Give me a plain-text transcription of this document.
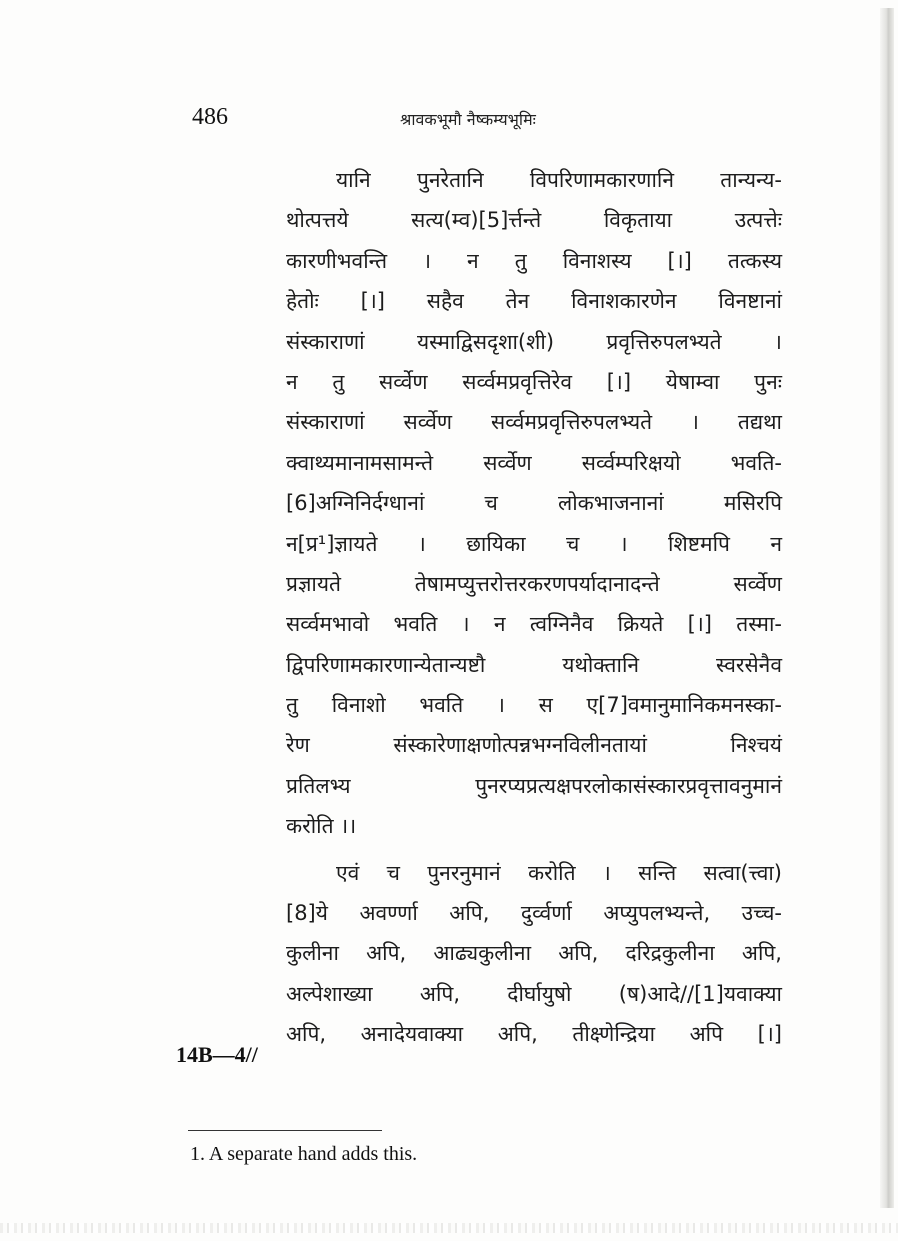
486	श्रावकभूमौ नैष्कम्यभूमिः
यानि पुनरेतानि विपरिणामकारणानि तान्यन्य-
थोत्पत्तये सत्य(म्व)[5]र्त्तन्ते विकृताया उत्पत्तेः
कारणीभवन्ति । न तु विनाशस्य [।] तत्कस्य
हेतोः [।] सहैव तेन विनाशकारणेन विनष्टानां
संस्काराणां यस्माद्विसदृशा(शी) प्रवृत्तिरुपलभ्यते ।
न तु सर्व्वेण सर्व्वमप्रवृत्तिरेव [।] येषाम्वा पुनः
संस्काराणां सर्व्वेण सर्व्वमप्रवृत्तिरुपलभ्यते । तद्यथा
क्वाथ्यमानामसामन्ते सर्व्वेण सर्व्वम्परिक्षयो भवति-
[6]अग्निनिर्दग्धानां च लोकभाजनानां मसिरपि
न[प्र¹]ज्ञायते । छायिका च । शिष्टमपि न
प्रज्ञायते तेषामप्युत्तरोत्तरकरणपर्यादानादन्ते सर्व्वेण
सर्व्वमभावो भवति । न त्वग्निनैव क्रियते [।] तस्मा-
द्विपरिणामकारणान्येतान्यष्टौ यथोक्तानि स्वरसेनैव
तु विनाशो भवति । स ए[7]वमानुमानिकमनस्का-
रेण संस्कारेणाक्षणोत्पन्नभग्नविलीनतायां निश्चयं
प्रतिलभ्य पुनरप्यप्रत्यक्षपरलोकासंस्कारप्रवृत्तावनुमानं
करोति ।।
एवं च पुनरनुमानं करोति । सन्ति सत्वा(त्त्वा)
[8]ये अवर्ण्णा अपि, दुर्व्वर्णा अप्युपलभ्यन्ते, उच्च-
कुलीना अपि, आढ्यकुलीना अपि, दरिद्रकुलीना अपि,
अल्पेशाख्या अपि, दीर्घायुषो (ष)आदे//[1]यवाक्या
अपि, अनादेयवाक्या अपि, तीक्ष्णेन्द्रिया अपि [।]
14B—4//
1. A separate hand adds this.
